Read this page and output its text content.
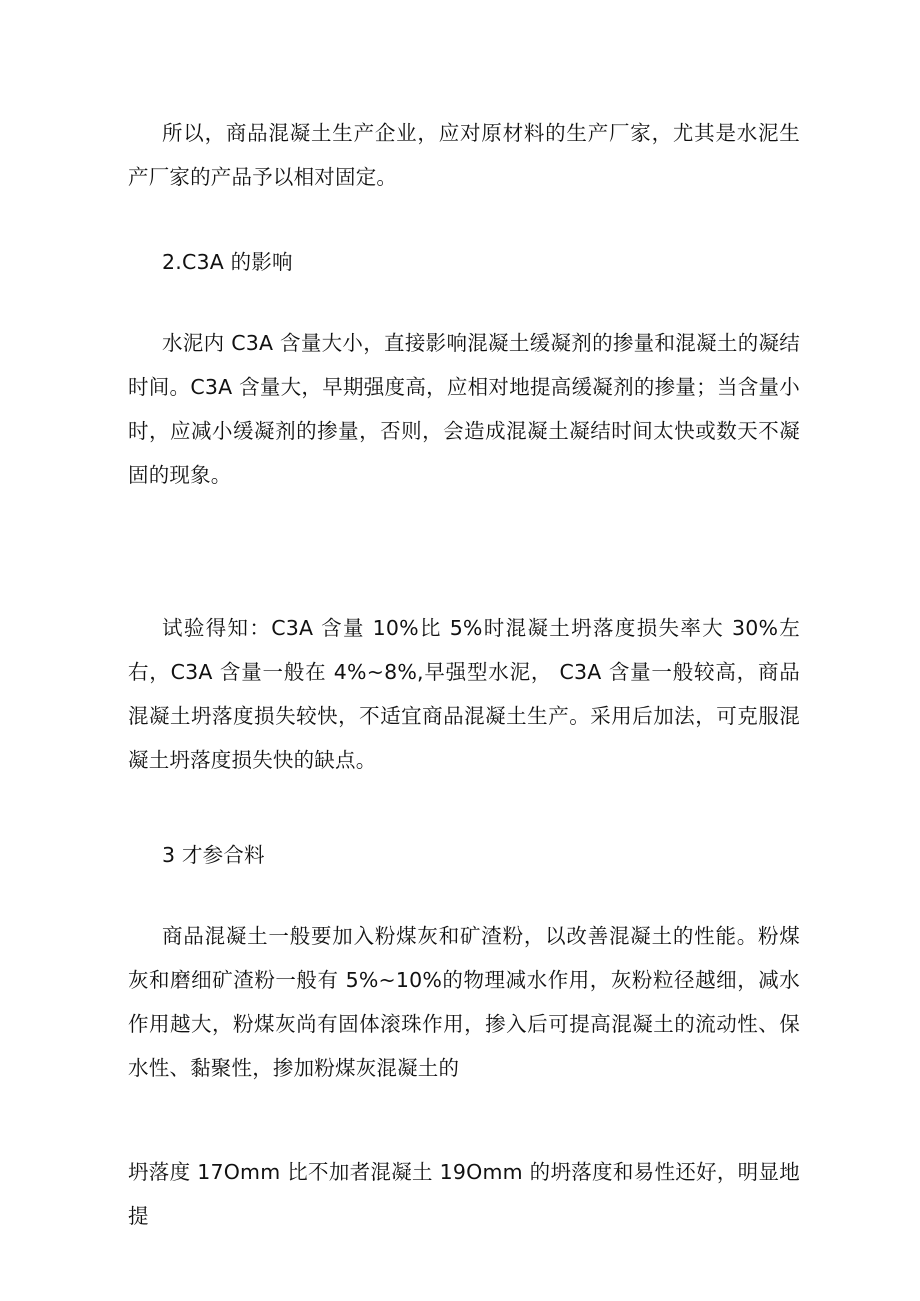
所以，商品混凝土生产企业，应对原材料的生产厂家，尤其是水泥生产厂家的产品予以相对固定。

2.C3A 的影响

水泥内 C3A 含量大小，直接影响混凝土缓凝剂的掺量和混凝土的凝结时间。C3A 含量大，早期强度高，应相对地提高缓凝剂的掺量；当含量小时，应减小缓凝剂的掺量，否则，会造成混凝土凝结时间太快或数天不凝固的现象。

试验得知：C3A 含量 10%比 5%时混凝土坍落度损失率大 30%左右，C3A 含量一般在 4%~8%,早强型水泥， C3A 含量一般较高，商品混凝土坍落度损失较快，不适宜商品混凝土生产。采用后加法，可克服混凝土坍落度损失快的缺点。

3 才参合料

商品混凝土一般要加入粉煤灰和矿渣粉，以改善混凝土的性能。粉煤灰和磨细矿渣粉一般有 5%~10%的物理减水作用，灰粉粒径越细，减水作用越大，粉煤灰尚有固体滚珠作用，掺入后可提高混凝土的流动性、保水性、黏聚性，掺加粉煤灰混凝土的

坍落度 17Omm 比不加者混凝土 19Omm 的坍落度和易性还好，明显地提
